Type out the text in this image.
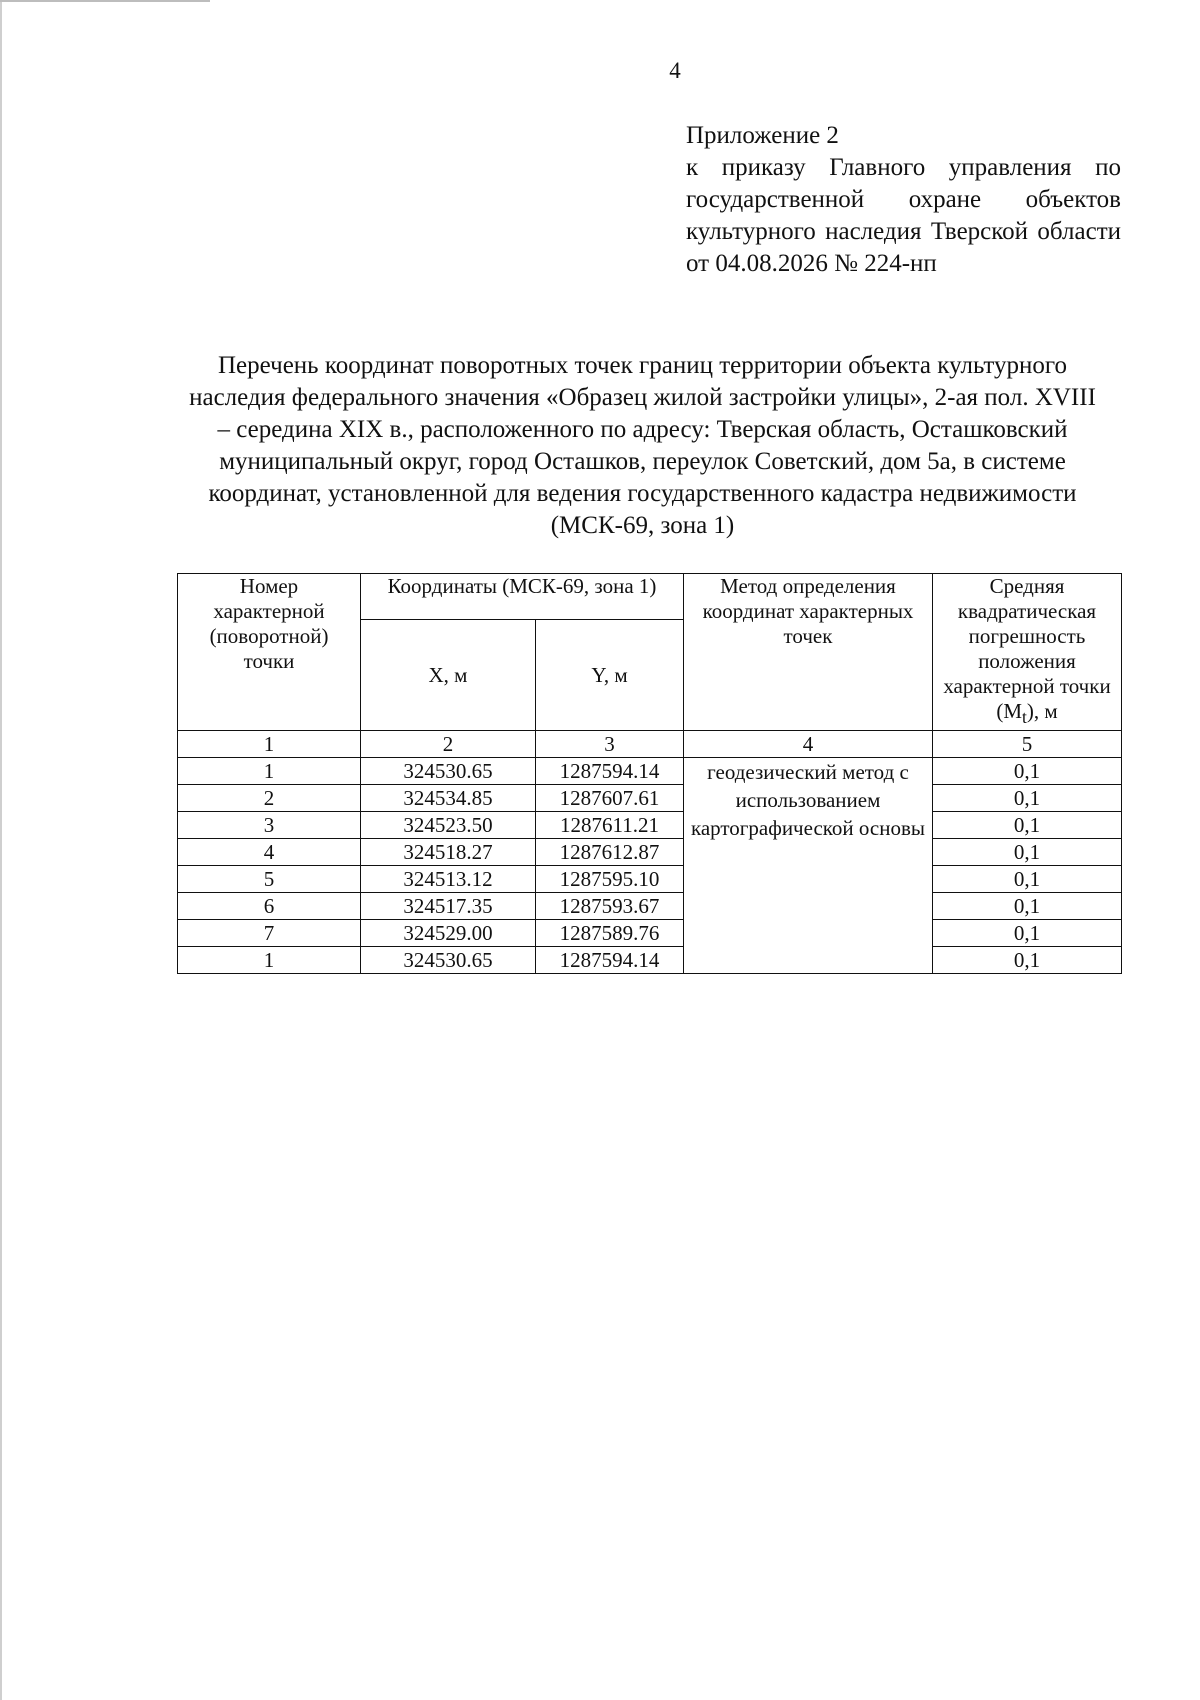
4
Приложение 2
к приказу Главного управления по государственной охране объектов культурного наследия Тверской области от 04.08.2026 № 224-нп
Перечень координат поворотных точек границ территории объекта культурного наследия федерального значения «Образец жилой застройки улицы», 2-ая пол. XVIII – середина XIX в., расположенного по адресу: Тверская область, Осташковский муниципальный округ, город Осташков, переулок Советский, дом 5а, в системе координат, установленной для ведения государственного кадастра недвижимости (МСК-69, зона 1)
Номер характерной (поворотной) точки	Координаты (МСК-69, зона 1)		Метод определения координат характерных точек	Средняя квадратическая погрешность положения характерной точки $(M_t)$, м
	X, м	Y, м		
1	2	3	4	5
1	324530.65	1287594.14	геодезический метод с использованием картографической основы	0,1
2	324534.85	1287607.61		0,1
3	324523.50	1287611.21		0,1
4	324518.27	1287612.87		0,1
5	324513.12	1287595.10		0,1
6	324517.35	1287593.67		0,1
7	324529.00	1287589.76		0,1
1	324530.65	1287594.14		0,1
